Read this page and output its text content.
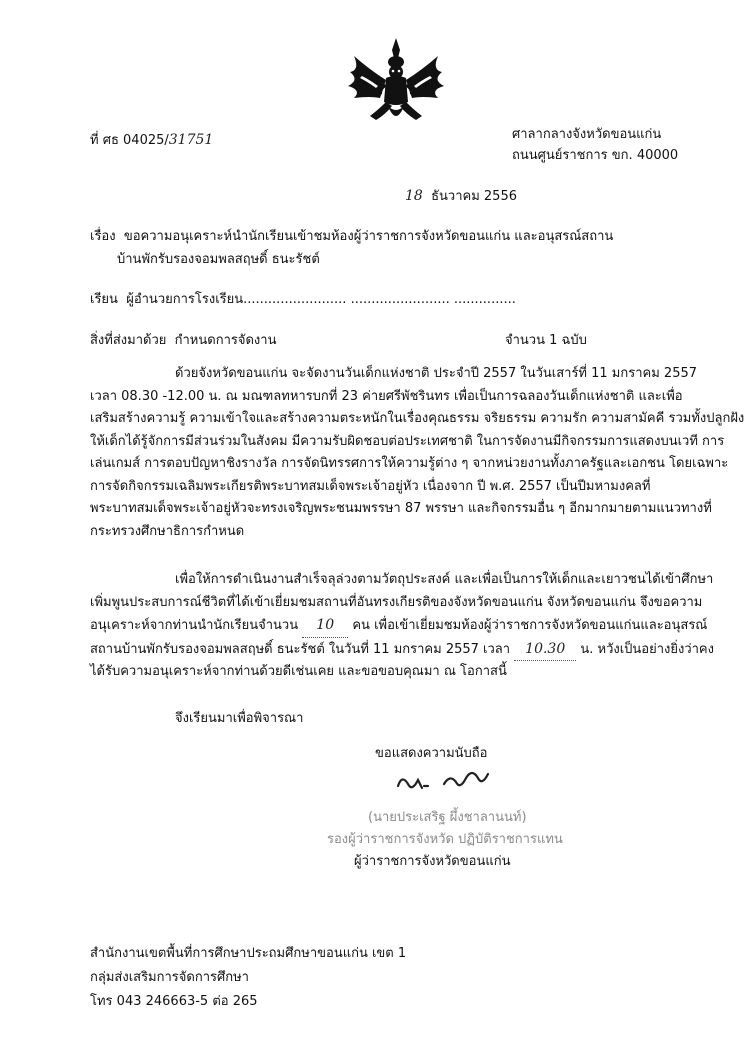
ที่ ศธ 04025/31751	ศาลากลางจังหวัดขอนแก่น
ถนนศูนย์ราชการ ขก. 40000
18 ธันวาคม 2556
เรื่อง ขอความอนุเคราะห์นำนักเรียนเข้าชมห้องผู้ว่าราชการจังหวัดขอนแก่น และอนุสรณ์สถาน
บ้านพักรับรองจอมพลสฤษดิ์ ธนะรัชต์
เรียน ผู้อำนวยการโรงเรียน......................... ........................ ...............
สิ่งที่ส่งมาด้วย กำหนดการจัดงาน	จำนวน 1 ฉบับ
ด้วยจังหวัดขอนแก่น จะจัดงานวันเด็กแห่งชาติ ประจำปี 2557 ในวันเสาร์ที่ 11 มกราคม 2557
เวลา 08.30 -12.00 น. ณ มณฑลทหารบกที่ 23 ค่ายศรีพัชรินทร เพื่อเป็นการฉลองวันเด็กแห่งชาติ และเพื่อ
เสริมสร้างความรู้ ความเข้าใจและสร้างความตระหนักในเรื่องคุณธรรม จริยธรรม ความรัก ความสามัคคี รวมทั้งปลูกฝัง
ให้เด็กได้รู้จักการมีส่วนร่วมในสังคม มีความรับผิดชอบต่อประเทศชาติ ในการจัดงานมีกิจกรรมการแสดงบนเวที การ
เล่นเกมส์ การตอบปัญหาชิงรางวัล การจัดนิทรรศการให้ความรู้ต่าง ๆ จากหน่วยงานทั้งภาครัฐและเอกชน โดยเฉพาะ
การจัดกิจกรรมเฉลิมพระเกียรติพระบาทสมเด็จพระเจ้าอยู่หัว เนื่องจาก ปี พ.ศ. 2557 เป็นปีมหามงคลที่
พระบาทสมเด็จพระเจ้าอยู่หัวจะทรงเจริญพระชนมพรรษา 87 พรรษา และกิจกรรมอื่น ๆ อีกมากมายตามแนวทางที่
กระทรวงศึกษาธิการกำหนด
เพื่อให้การดำเนินงานสำเร็จลุล่วงตามวัตถุประสงค์ และเพื่อเป็นการให้เด็กและเยาวชนได้เข้าศึกษา
เพิ่มพูนประสบการณ์ชีวิตที่ได้เข้าเยี่ยมชมสถานที่อันทรงเกียรติของจังหวัดขอนแก่น จังหวัดขอนแก่น จึงขอความ
อนุเคราะห์จากท่านนำนักเรียนจำนวน 10 คน เพื่อเข้าเยี่ยมชมห้องผู้ว่าราชการจังหวัดขอนแก่นและอนุสรณ์
สถานบ้านพักรับรองจอมพลสฤษดิ์ ธนะรัชต์ ในวันที่ 11 มกราคม 2557 เวลา 10.30 น. หวังเป็นอย่างยิ่งว่าคง
ได้รับความอนุเคราะห์จากท่านด้วยดีเช่นเคย และขอขอบคุณมา ณ โอกาสนี้
จึงเรียนมาเพื่อพิจารณา
ขอแสดงความนับถือ
(นายประเสริฐ ผึ้งชาลานนท์)
รองผู้ว่าราชการจังหวัด ปฏิบัติราชการแทน
ผู้ว่าราชการจังหวัดขอนแก่น
สำนักงานเขตพื้นที่การศึกษาประถมศึกษาขอนแก่น เขต 1
กลุ่มส่งเสริมการจัดการศึกษา
โทร 043 246663-5 ต่อ 265
